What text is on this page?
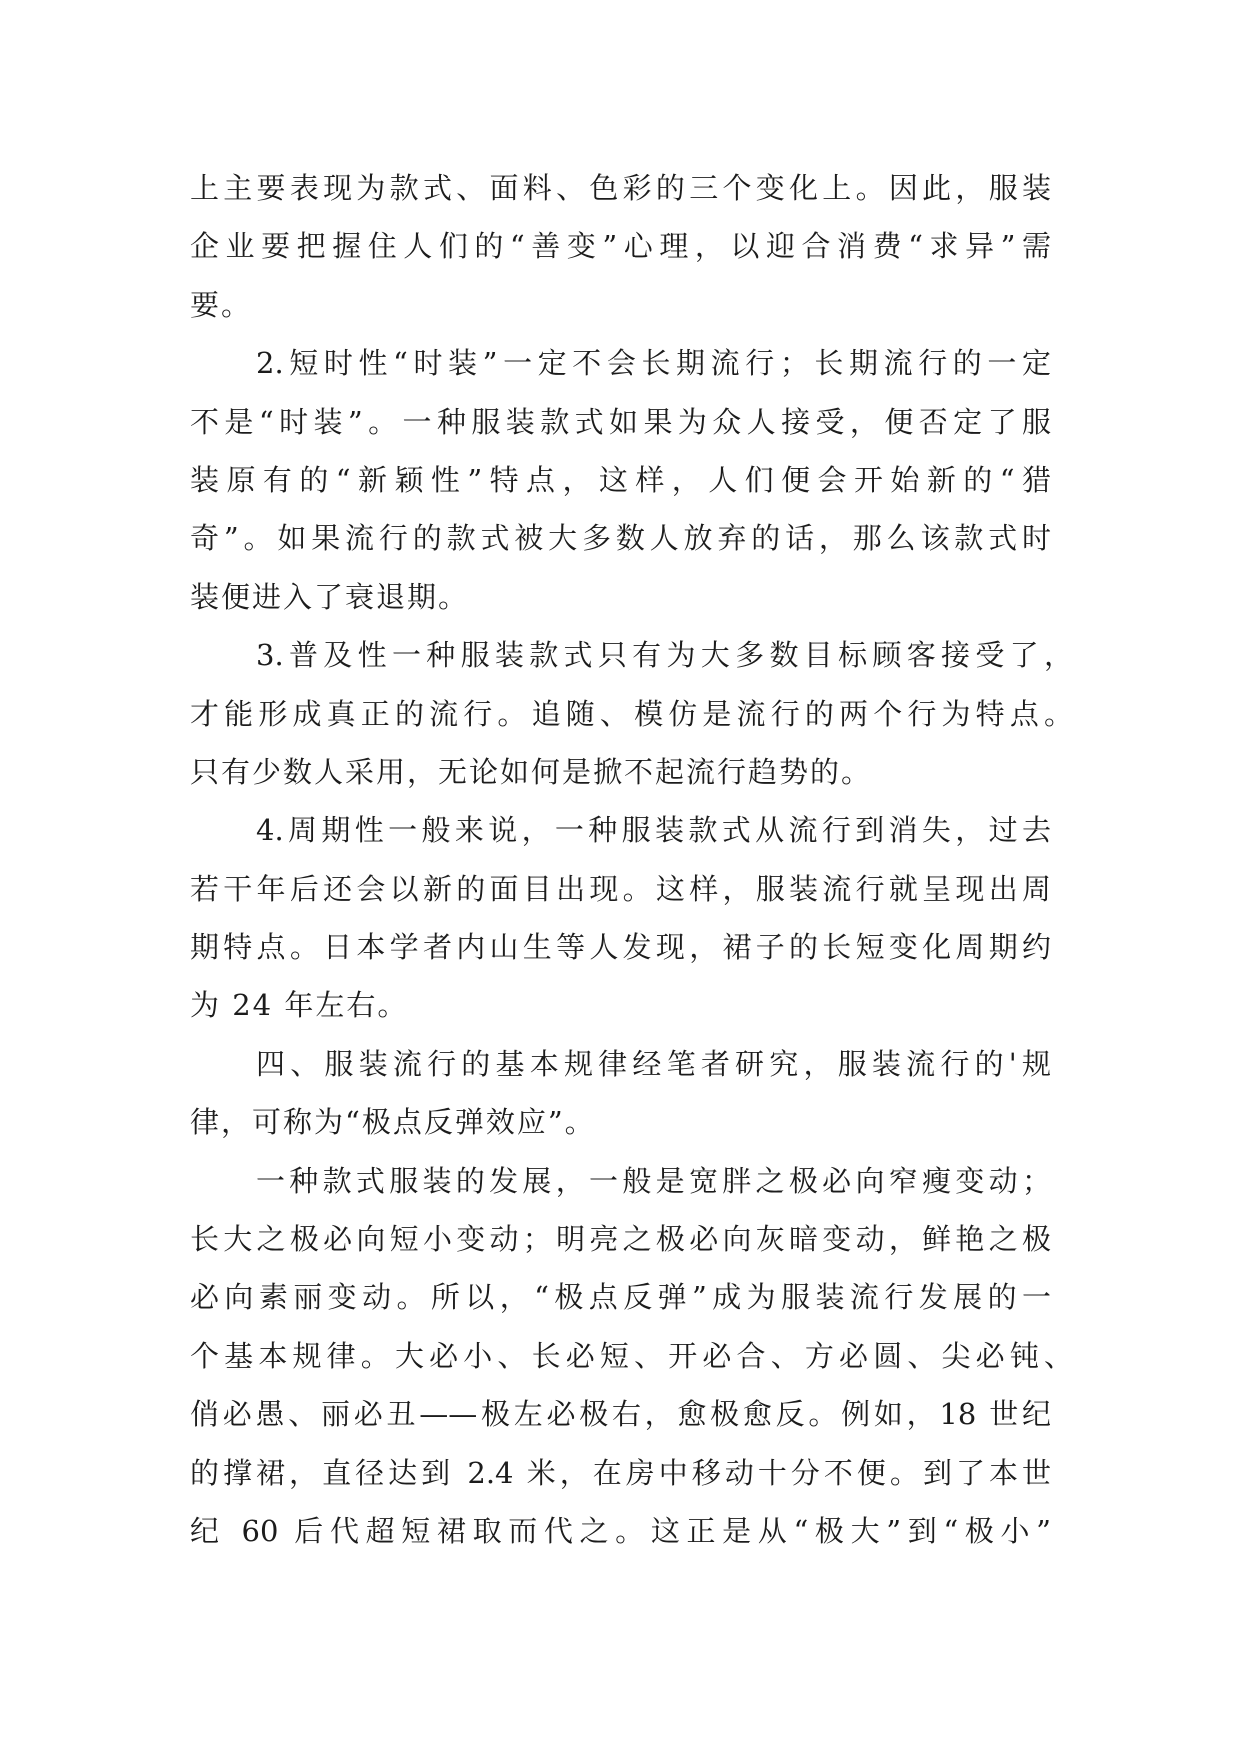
上主要表现为款式、面料、色彩的三个变化上。因此，服装
企业要把握住人们的“善变”心理，以迎合消费“求异”需
要。
2.短时性“时装”一定不会长期流行；长期流行的一定
不是“时装”。一种服装款式如果为众人接受，便否定了服
装原有的“新颖性”特点，这样，人们便会开始新的“猎
奇”。如果流行的款式被大多数人放弃的话，那么该款式时
装便进入了衰退期。
3.普及性一种服装款式只有为大多数目标顾客接受了，
才能形成真正的流行。追随、模仿是流行的两个行为特点。
只有少数人采用，无论如何是掀不起流行趋势的。
4.周期性一般来说，一种服装款式从流行到消失，过去
若干年后还会以新的面目出现。这样，服装流行就呈现出周
期特点。日本学者内山生等人发现，裙子的长短变化周期约
为 24 年左右。
四、服装流行的基本规律经笔者研究，服装流行的'规
律，可称为“极点反弹效应”。
一种款式服装的发展，一般是宽胖之极必向窄瘦变动；
长大之极必向短小变动；明亮之极必向灰暗变动，鲜艳之极
必向素丽变动。所以，“极点反弹”成为服装流行发展的一
个基本规律。大必小、长必短、开必合、方必圆、尖必钝、
俏必愚、丽必丑——极左必极右，愈极愈反。例如，18 世纪
的撑裙，直径达到 2.4 米，在房中移动十分不便。到了本世
纪 60 后代超短裙取而代之。这正是从“极大”到“极小”
